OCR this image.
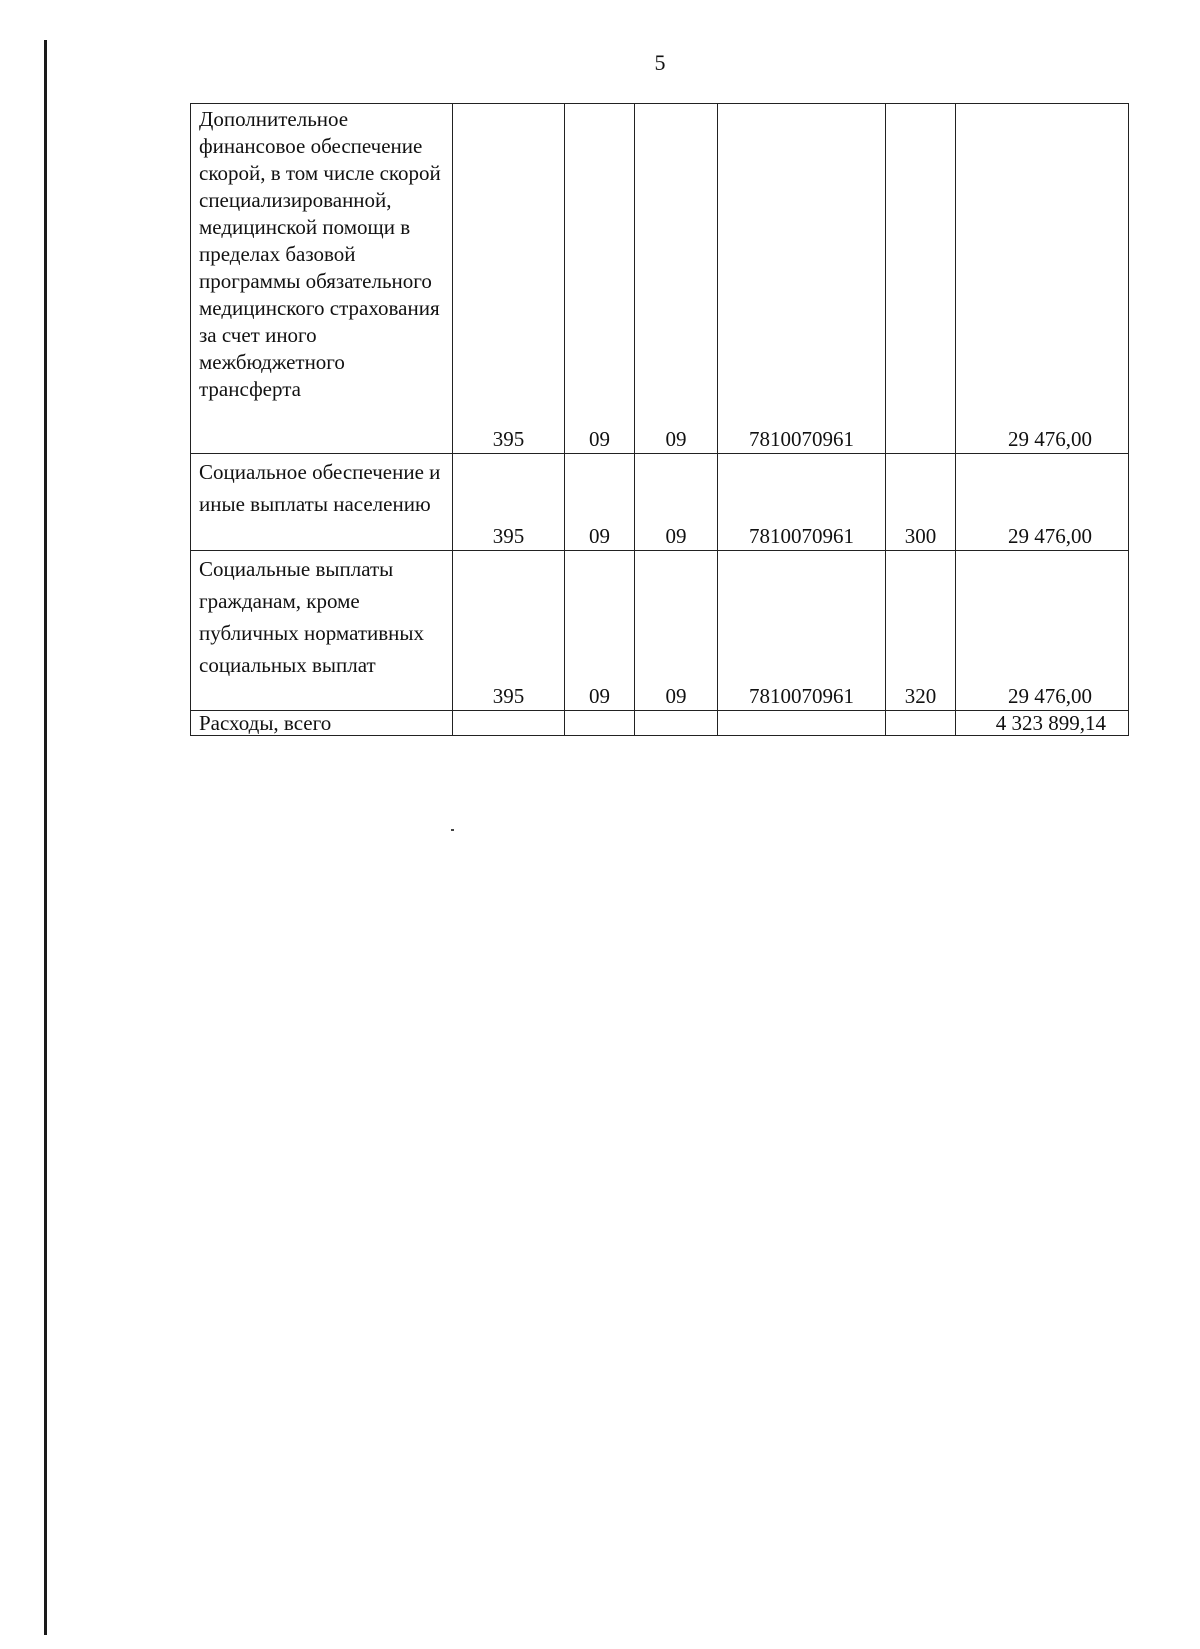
5
Дополнительное финансовое обеспечение скорой, в том числе скорой специализированной, медицинской помощи в пределах базовой программы обязательного медицинского страхования за счет иного межбюджетного трансферта	395	09	09	7810070961		29 476,00
Социальное обеспечение и иные выплаты населению	395	09	09	7810070961	300	29 476,00
Социальные выплаты гражданам, кроме публичных нормативных социальных выплат	395	09	09	7810070961	320	29 476,00
Расходы, всего						4 323 899,14
